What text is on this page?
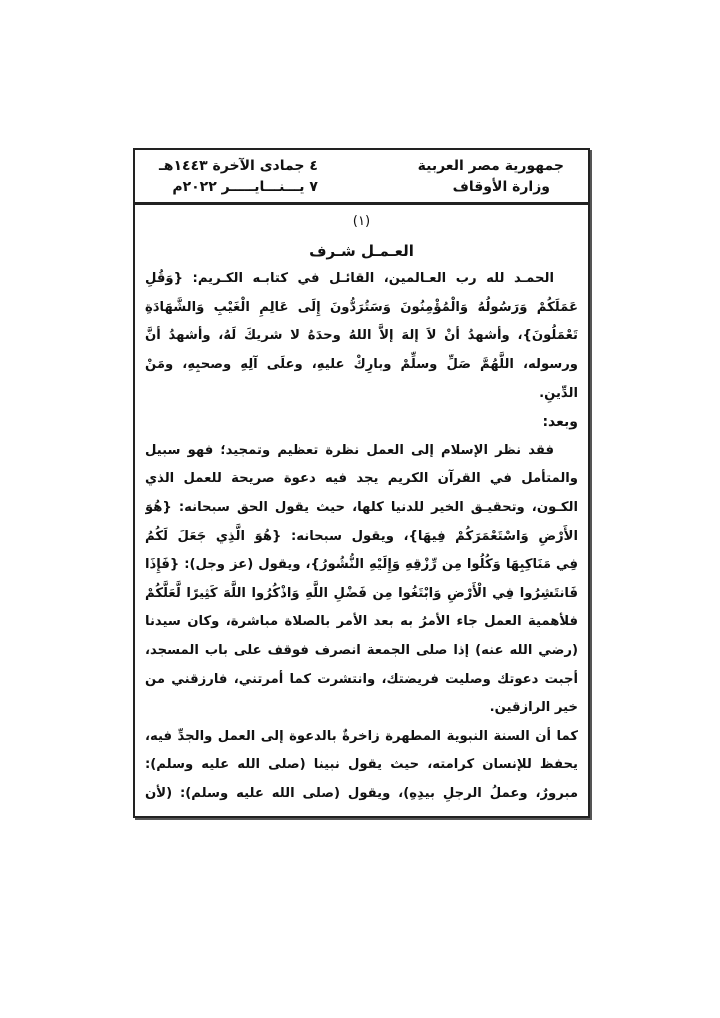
جمهورية مصر العربية
وزارة الأوقاف
٤ جمادى الآخرة ١٤٤٣هـ
٧ يـــنـــايـــــر ٢٠٢٢م
(١)
العـمـل شـرف
الحمـد لله رب العـالمين، القائـل في كتابـه الكـريم: {وَقُلِ
عَمَلَكُمْ وَرَسُولُهُ وَالْمُؤْمِنُونَ وَسَتُرَدُّونَ إِلَى عَالِمِ الْغَيْبِ وَالشَّهَادَةِ
تَعْمَلُونَ}، وأشهدُ أنْ لاَ إلهَ إلاَّ اللهُ وحدَهُ لا شريكَ لَهُ، وأشهدُ أنَّ
ورسوله، اللَّهُمَّ صَلِّ وسلِّمْ وبارِكْ عليهِ، وعلَى آلِهِ وصحبِهِ، ومَنْ
الدِّينِ.
وبعد:
فقد نظر الإسلام إلى العمل نظرة تعظيم وتمجيد؛ فهو سبيل
والمتأمل في القرآن الكريم يجد فيه دعوة صريحة للعمل الذي
الكـون، وتحقيـق الخير للدنيا كلها، حيث يقول الحق سبحانه: {هُوَ
الأَرْضِ وَاسْتَعْمَرَكُمْ فِيهَا}، ويقول سبحانه: {هُوَ الَّذِي جَعَلَ لَكُمُ
فِي مَنَاكِبِهَا وَكُلُوا مِن رِّزْقِهِ وَإِلَيْهِ النُّشُورُ}، ويقول (عز وجل): {فَإِذَا
فَانتَشِرُوا فِي الْأَرْضِ وَابْتَغُوا مِن فَضْلِ اللَّهِ وَاذْكُرُوا اللَّهَ كَثِيرًا لَّعَلَّكُمْ
فلأهمية العمل جاء الأمرُ به بعد الأمر بالصلاة مباشرة، وكان سيدنا
(رضي الله عنه) إذا صلى الجمعة انصرف فوقف على باب المسجد،
أجبت دعوتك وصليت فريضتك، وانتشرت كما أمرتني، فارزقني من
خير الرازقين.
كما أن السنة النبوية المطهرة زاخرةٌ بالدعوة إلى العمل والجدِّ فيه،
يحفظ للإنسان كرامته، حيث يقول نبينا (صلى الله عليه وسلم):
مبرورٌ، وعملُ الرجلِ بيدِهِ)، ويقول (صلى الله عليه وسلم): (لأن
